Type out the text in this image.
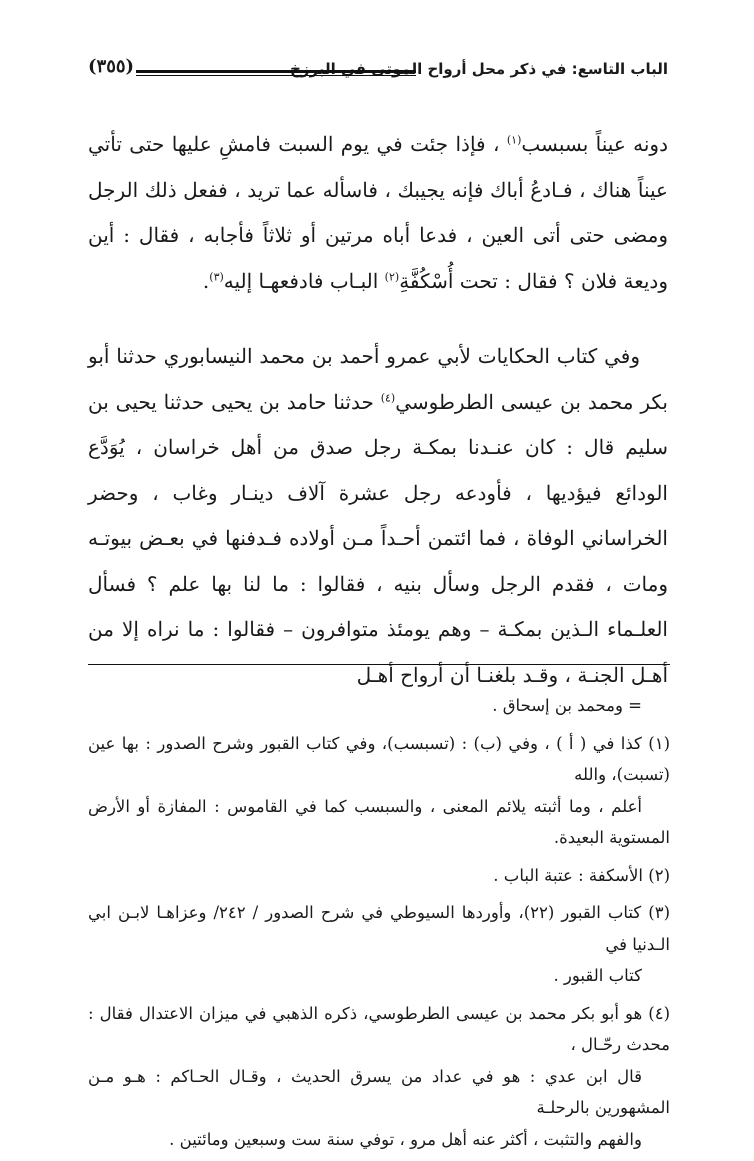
الباب التاسع: في ذكر محل أرواح الموتى في البرزخ
(٣٥٥)

دونه عيناً بسبسب$^{(١)}$ ، فإذا جئت في يوم السبت فامشِ عليها حتى تأتي عيناً هناك ، فـادعُ أباك فإنه يجيبك ، فاسأله عما تريد ، ففعل ذلك الرجل ومضى حتى أتى العين ، فدعا أباه مرتين أو ثلاثاً فأجابه ، فقال : أين وديعة فلان ؟ فقال : تحت أُسْكُفَّةِ$^{(٢)}$ البـاب فادفعهـا إليه$^{(٣)}$.

وفي كتاب الحكايات لأبي عمرو أحمد بن محمد النيسابوري حدثنا أبو بكر محمد بن عيسى الطرطوسي$^{(٤)}$ حدثنا حامد بن يحيى حدثنا يحيى بن سليم قال : كان عنـدنا بمكـة رجل صدق من أهل خراسان ، يُوَدَّع الودائع فيؤديها ، فأودعه رجل عشرة آلاف دينـار وغاب ، وحضر الخراساني الوفاة ، فما ائتمن أحـداً مـن أولاده فـدفنها في بعـض بيوتـه ومات ، فقدم الرجل وسأل بنيه ، فقالوا : ما لنا بها علم ؟ فسأل العلـماء الـذين بمكـة – وهم يومئذ متوافرون – فقالوا : ما نراه إلا من أهـل الجنـة ، وقـد بلغنـا أن أرواح أهـل

= ومحمد بن إسحاق .

(١) كذا في ( أ ) ، وفي (ب) : (تسبسب)، وفي كتاب القبور وشرح الصدور : بها عين (تسبت)، والله
أعلم ، وما أثبته يلائم المعنى ، والسبسب كما في القاموس : المفازة أو الأرض المستوية البعيدة.

(٢) الأسكفة : عتبة الباب .

(٣) كتاب القبور (٢٢)، وأوردها السيوطي في شرح الصدور / ٢٤٢/ وعزاهـا لابـن ابي الـدنيا في
كتاب القبور .

(٤) هو أبو بكر محمد بن عيسى الطرطوسي، ذكره الذهبي في ميزان الاعتدال فقال : محدث رحّـال ،
قال ابن عدي : هو في عداد من يسرق الحديث ، وقـال الحـاكم : هـو مـن المشهورين بالرحلـة
والفهم والتثبت ، أكثر عنه أهل مرو ، توفي سنة ست وسبعين ومائتين .
